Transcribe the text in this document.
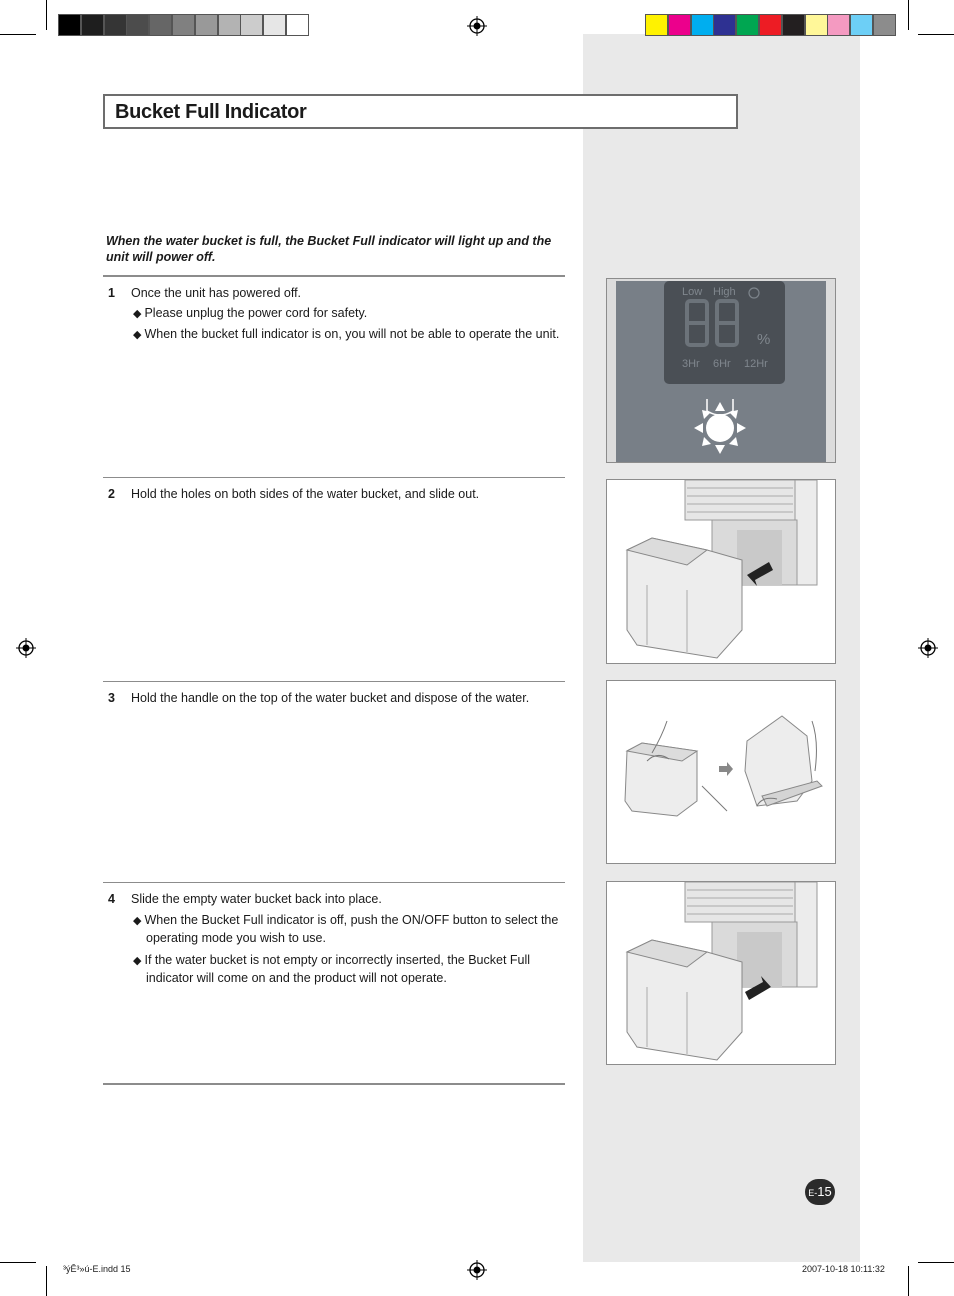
Bucket Full Indicator
When the water bucket is full, the Bucket Full indicator will light up and the unit will power off.
1 Once the unit has powered off.
◆ Please unplug the power cord for safety.
◆ When the bucket full indicator is on, you will not be able to operate the unit.
2 Hold the holes on both sides of the water bucket, and slide out.
3 Hold the handle on the top of the water bucket and dispose of the water.
4 Slide the empty water bucket back into place.
◆ When the Bucket Full indicator is off, push the ON/OFF button to select the operating mode you wish to use.
◆ If the water bucket is not empty or incorrectly inserted, the Bucket Full indicator will come on and the product will not operate.
Low High
%
3Hr 6Hr 12Hr
E-15
³ýÊ³»ú-E.indd 15	2007-10-18 10:11:32
